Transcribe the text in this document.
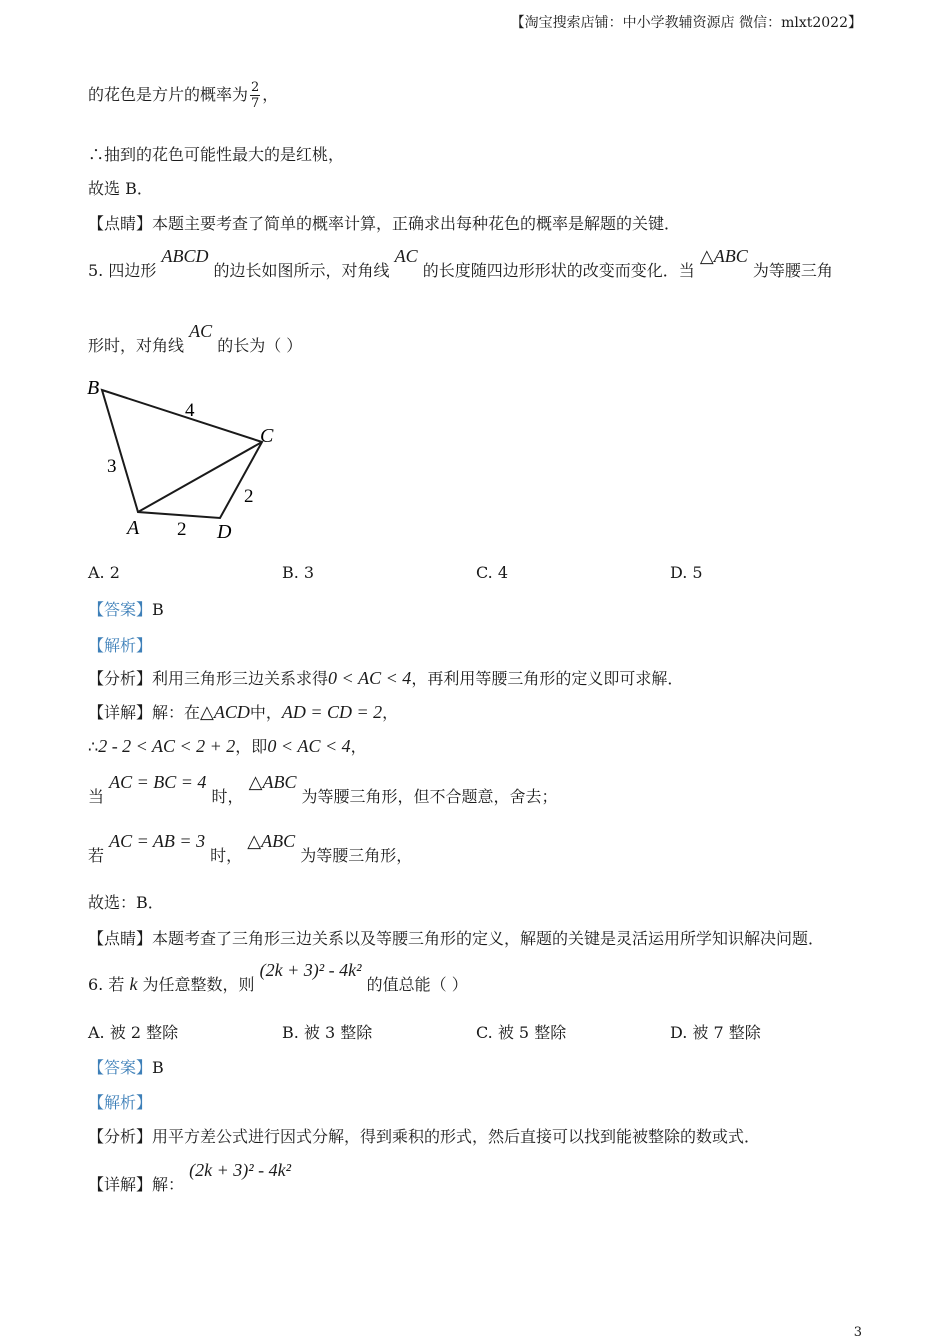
【淘宝搜索店铺：中小学教辅资源店 微信：mlxt2022】
的花色是方片的概率为 $\frac{2}{7}$ ，
∴抽到的花色可能性最大的是红桃，
故选 B．
【点睛】本题主要考查了简单的概率计算，正确求出每种花色的概率是解题的关键．
5. 四边形 ABCD 的边长如图所示，对角线 AC 的长度随四边形形状的改变而变化．当 △ABC 为等腰三角
形时，对角线 AC 的长为（ ）
B
C
A	D
4
3
2
2
A. 2	B. 3	C. 4	D. 5
【答案】B
【解析】
【分析】利用三角形三边关系求得0 < AC < 4，再利用等腰三角形的定义即可求解．
【详解】解：在△ACD中，AD = CD = 2，
∴2 - 2 < AC < 2 + 2，即0 < AC < 4，
当 AC = BC = 4 时， △ABC 为等腰三角形，但不合题意，舍去；
若 AC = AB = 3 时， △ABC 为等腰三角形，
故选：B．
【点睛】本题考查了三角形三边关系以及等腰三角形的定义，解题的关键是灵活运用所学知识解决问题．
6. 若 k 为任意整数，则 (2k + 3)² - 4k² 的值总能（ ）
A. 被 2 整除	B. 被 3 整除	C. 被 5 整除	D. 被 7 整除
【答案】B
【解析】
【分析】用平方差公式进行因式分解，得到乘积的形式，然后直接可以找到能被整除的数或式．
【详解】解： (2k + 3)² - 4k²
3
